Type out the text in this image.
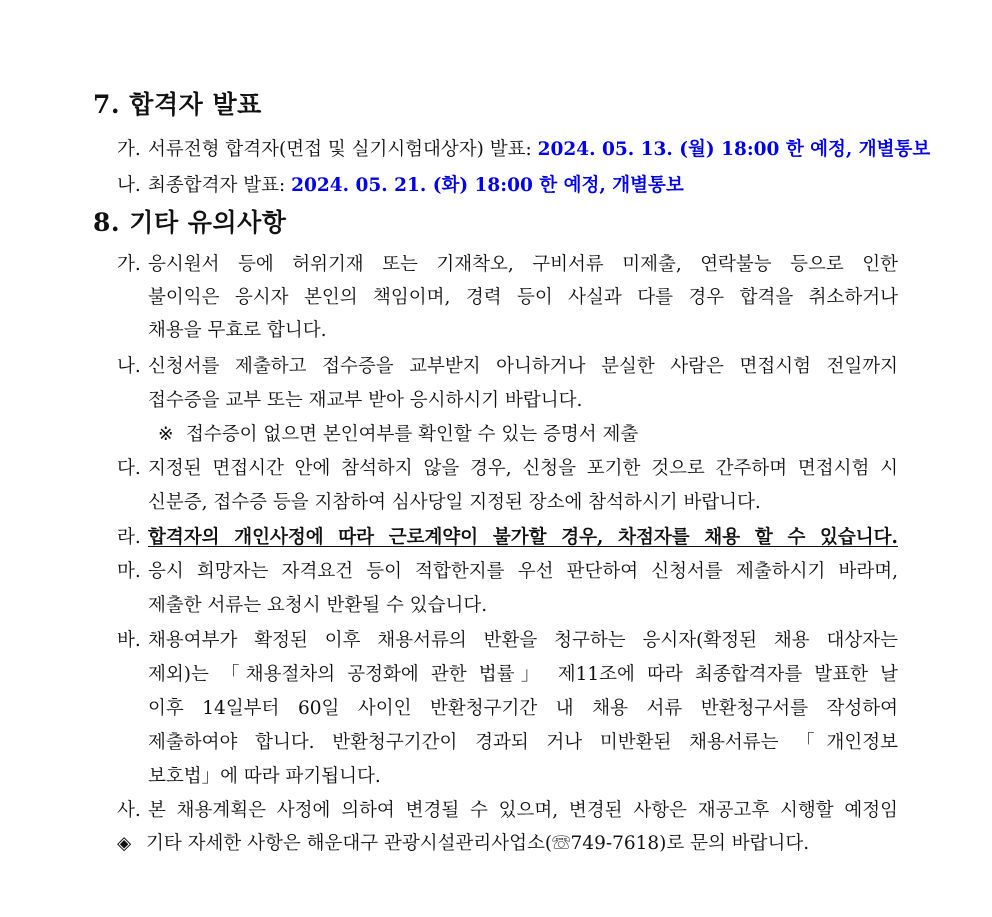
7. 합격자 발표
가. 서류전형 합격자(면접 및 실기시험대상자) 발표: 2024. 05. 13. (월) 18:00 한 예정, 개별통보
나. 최종합격자 발표: 2024. 05. 21. (화) 18:00 한 예정, 개별통보
8. 기타 유의사항
가. 응시원서 등에 허위기재 또는 기재착오, 구비서류 미제출, 연락불능 등으로 인한
불이익은 응시자 본인의 책임이며, 경력 등이 사실과 다를 경우 합격을 취소하거나
채용을 무효로 합니다.
나. 신청서를 제출하고 접수증을 교부받지 아니하거나 분실한 사람은 면접시험 전일까지
접수증을 교부 또는 재교부 받아 응시하시기 바랍니다.
※ 접수증이 없으면 본인여부를 확인할 수 있는 증명서 제출
다. 지정된 면접시간 안에 참석하지 않을 경우, 신청을 포기한 것으로 간주하며 면접시험 시
신분증, 접수증 등을 지참하여 심사당일 지정된 장소에 참석하시기 바랍니다.
라. 합격자의 개인사정에 따라 근로계약이 불가할 경우, 차점자를 채용 할 수 있습니다.
마. 응시 희망자는 자격요건 등이 적합한지를 우선 판단하여 신청서를 제출하시기 바라며,
제출한 서류는 요청시 반환될 수 있습니다.
바. 채용여부가 확정된 이후 채용서류의 반환을 청구하는 응시자(확정된 채용 대상자는
제외)는 「채용절차의 공정화에 관한 법률」 제11조에 따라 최종합격자를 발표한 날
이후 14일부터 60일 사이인 반환청구기간 내 채용 서류 반환청구서를 작성하여
제출하여야 합니다. 반환청구기간이 경과되 거나 미반환된 채용서류는 「개인정보
보호법」에 따라 파기됩니다.
사. 본 채용계획은 사정에 의하여 변경될 수 있으며, 변경된 사항은 재공고후 시행할 예정임
◈ 기타 자세한 사항은 해운대구 관광시설관리사업소(☏749-7618)로 문의 바랍니다.
